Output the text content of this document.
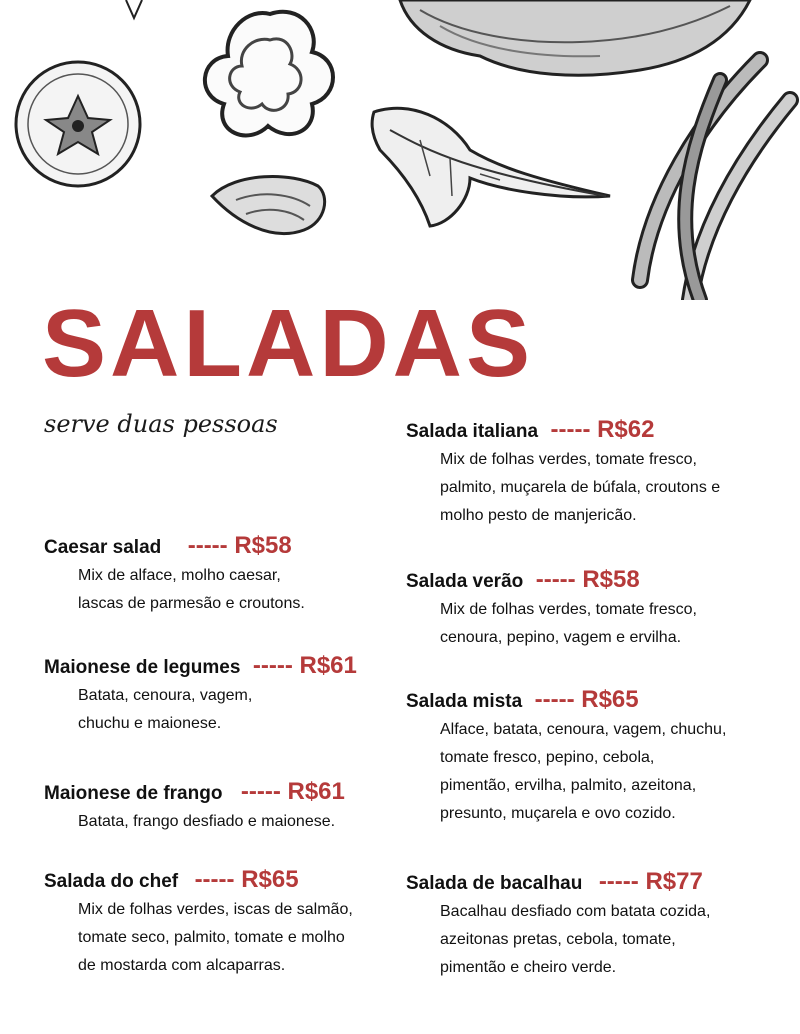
SALADAS
serve duas pessoas
Caesar salad ----- R$58
Mix de alface, molho caesar,
lascas de parmesão e croutons.
Maionese de legumes ----- R$61
Batata, cenoura, vagem,
chuchu e maionese.
Maionese de frango ----- R$61
Batata, frango desfiado e maionese.
Salada do chef ----- R$65
Mix de folhas verdes, iscas de salmão,
tomate seco, palmito, tomate e molho
de mostarda com alcaparras.
Salada italiana ----- R$62
Mix de folhas verdes, tomate fresco,
palmito, muçarela de búfala, croutons e
molho pesto de manjericão.
Salada verão ----- R$58
Mix de folhas verdes, tomate fresco,
cenoura, pepino, vagem e ervilha.
Salada mista ----- R$65
Alface, batata, cenoura, vagem, chuchu,
tomate fresco, pepino, cebola,
pimentão, ervilha, palmito, azeitona,
presunto, muçarela e ovo cozido.
Salada de bacalhau ----- R$77
Bacalhau desfiado com batata cozida,
azeitonas pretas, cebola, tomate,
pimentão e cheiro verde.
